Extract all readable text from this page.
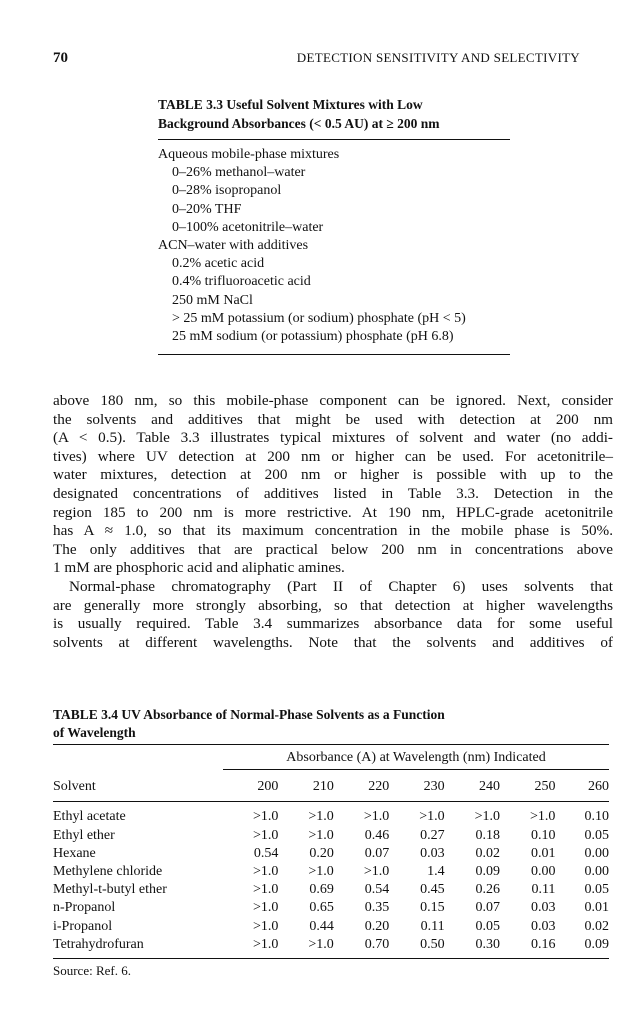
70	DETECTION SENSITIVITY AND SELECTIVITY
TABLE 3.3 Useful Solvent Mixtures with Low
Background Absorbances (< 0.5 AU) at ≥ 200 nm
Aqueous mobile-phase mixtures
0–26% methanol–water
0–28% isopropanol
0–20% THF
0–100% acetonitrile–water
ACN–water with additives
0.2% acetic acid
0.4% trifluoroacetic acid
250 mM NaCl
> 25 mM potassium (or sodium) phosphate (pH < 5)
25 mM sodium (or potassium) phosphate (pH 6.8)
above 180 nm, so this mobile-phase component can be ignored. Next, consider
the solvents and additives that might be used with detection at 200 nm
(A < 0.5). Table 3.3 illustrates typical mixtures of solvent and water (no addi-
tives) where UV detection at 200 nm or higher can be used. For acetonitrile–
water mixtures, detection at 200 nm or higher is possible with up to the
designated concentrations of additives listed in Table 3.3. Detection in the
region 185 to 200 nm is more restrictive. At 190 nm, HPLC-grade acetonitrile
has A ≈ 1.0, so that its maximum concentration in the mobile phase is 50%.
The only additives that are practical below 200 nm in concentrations above
1 mM are phosphoric acid and aliphatic amines.
Normal-phase chromatography (Part II of Chapter 6) uses solvents that
are generally more strongly absorbing, so that detection at higher wavelengths
is usually required. Table 3.4 summarizes absorbance data for some useful
solvents at different wavelengths. Note that the solvents and additives of
TABLE 3.4 UV Absorbance of Normal-Phase Solvents as a Function
of Wavelength

	Absorbance (A) at Wavelength (nm) Indicated						
Solvent	200	210	220	230	240	250	260

Ethyl acetate	>1.0	>1.0	>1.0	>1.0	>1.0	>1.0	0.10
Ethyl ether	>1.0	>1.0	0.46	0.27	0.18	0.10	0.05
Hexane	0.54	0.20	0.07	0.03	0.02	0.01	0.00
Methylene chloride	>1.0	>1.0	>1.0	1.4	0.09	0.00	0.00
Methyl-t-butyl ether	>1.0	0.69	0.54	0.45	0.26	0.11	0.05
n-Propanol	>1.0	0.65	0.35	0.15	0.07	0.03	0.01
i-Propanol	>1.0	0.44	0.20	0.11	0.05	0.03	0.02
Tetrahydrofuran	>1.0	>1.0	0.70	0.50	0.30	0.16	0.09

Source: Ref. 6.
